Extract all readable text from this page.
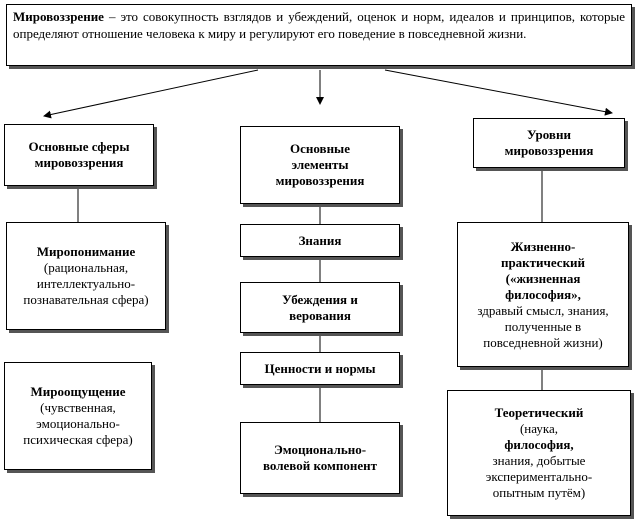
Мировоззрение – это совокупность взглядов и убеждений, оценок и норм, идеалов и принципов, которые определяют отношение человека к миру и регулируют его поведение в повседневной жизни.
Основные сферы мировоззрения
Миропонимание
(рациональная, интеллектуально-познавательная сфера)
Мироощущение
(чувственная, эмоционально-психическая сфера)
Основные элементы мировоззрения
Знания
Убеждения и верования
Ценности и нормы
Эмоционально-волевой компонент
Уровни мировоззрения
Жизненно-практический
(«жизненная философия»,
здравый смысл, знания, полученные в повседневной жизни)
Теоретический
(наука,
философия,
знания, добытые экспериментально-опытным путём)
